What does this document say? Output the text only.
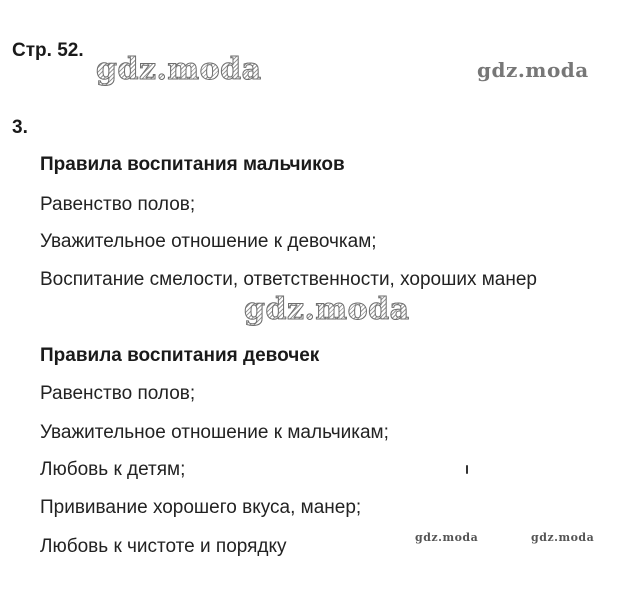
Стр. 52.
3.
gdz.moda	gdz.moda
gdz.moda
gdz.moda	gdz.moda
Правила воспитания мальчиков
Равенство полов;
Уважительное отношение к девочкам;
Воспитание смелости, ответственности, хороших манер
Правила воспитания девочек
Равенство полов;
Уважительное отношение к мальчикам;
Любовь к детям;
Прививание хорошего вкуса, манер;
Любовь к чистоте и порядку
